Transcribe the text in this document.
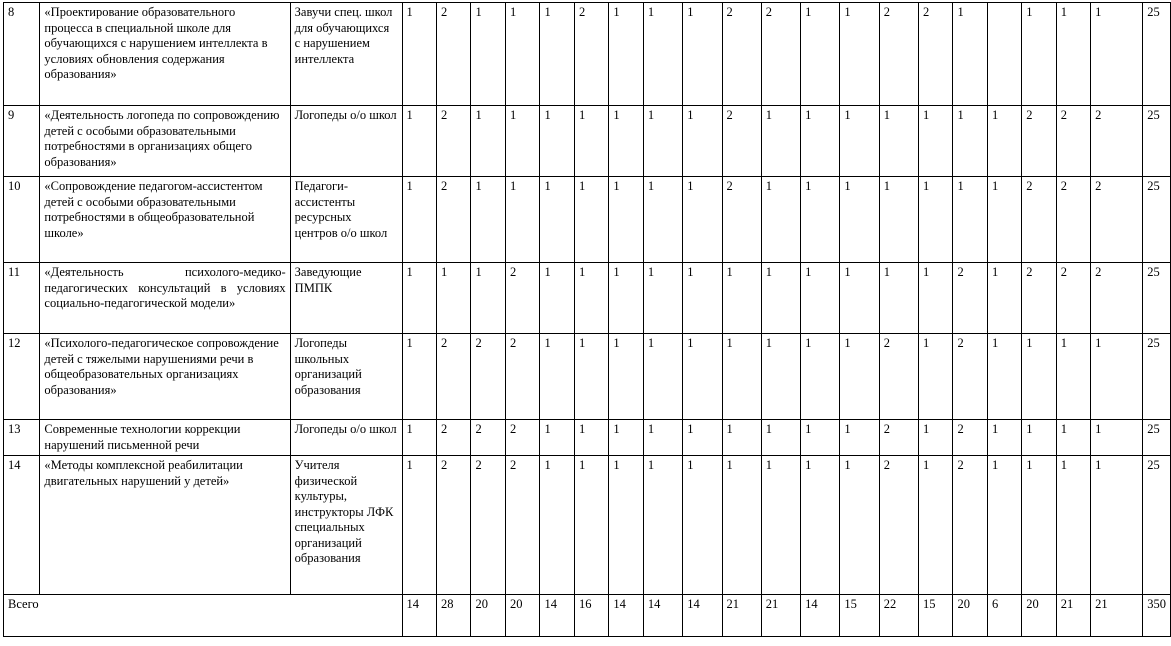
8	«Проектирование образовательного процесса в специальной школе для обучающихся с нарушением интеллекта в условиях обновления содержания образования»	Завучи спец. школ для обучающихся с нарушением интеллекта	1	2	1	1	1	2	1	1	1	2	2	1	1	2	2	1		1	1	1	25
9	«Деятельность логопеда по сопровождению детей с особыми образовательными потребностями в организациях общего образования»	Логопеды о/о школ	1	2	1	1	1	1	1	1	1	2	1	1	1	1	1	1	1	2	2	2	25
10	«Сопровождение педагогом-ассистентом детей с особыми образовательными потребностями в общеобразовательной школе»	Педагоги-ассистенты ресурсных центров о/о школ	1	2	1	1	1	1	1	1	1	2	1	1	1	1	1	1	1	2	2	2	25
11	«Деятельность психолого-медико-педагогических консультаций в условиях социально-педагогической модели»	Заведующие ПМПК	1	1	1	2	1	1	1	1	1	1	1	1	1	1	1	2	1	2	2	2	25
12	«Психолого-педагогическое сопровождение детей с тяжелыми нарушениями речи в общеобразовательных организациях образования»	Логопеды школьных организаций образования	1	2	2	2	1	1	1	1	1	1	1	1	1	2	1	2	1	1	1	1	25
13	Современные технологии коррекции нарушений письменной речи	Логопеды о/о школ	1	2	2	2	1	1	1	1	1	1	1	1	1	2	1	2	1	1	1	1	25
14	«Методы комплексной реабилитации двигательных нарушений у детей»	Учителя физической культуры, инструкторы ЛФК специальных организаций образования	1	2	2	2	1	1	1	1	1	1	1	1	1	2	1	2	1	1	1	1	25
Всего			14	28	20	20	14	16	14	14	14	21	21	14	15	22	15	20	6	20	21	21	350
